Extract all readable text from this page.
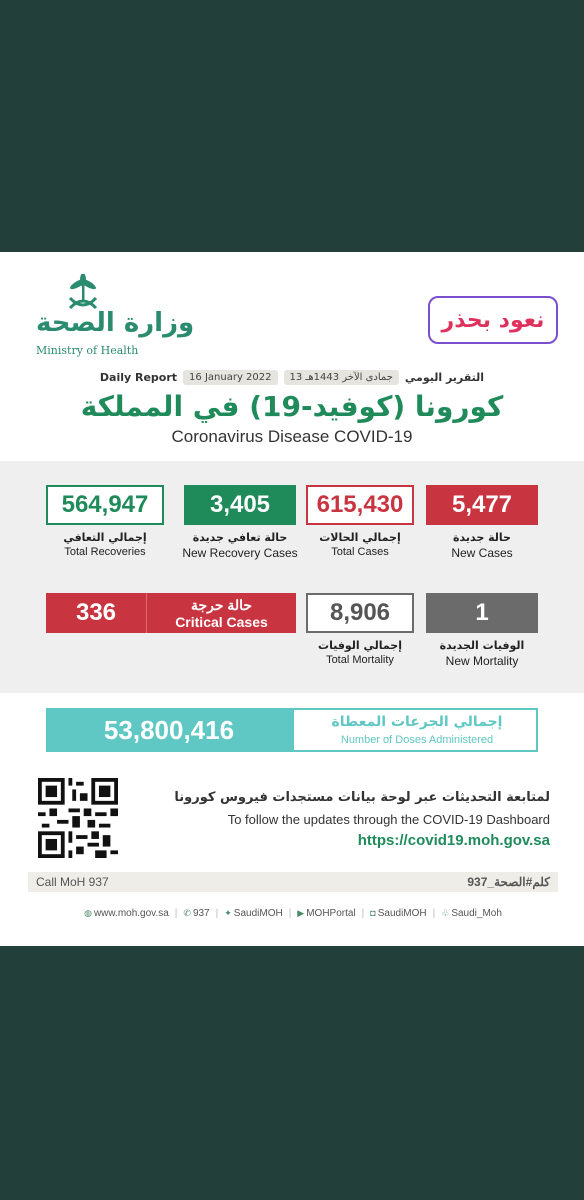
وزارة الصحة
Ministry of Health
نعود بحذر
Daily Report	16 January 2022	13 جمادى الآخر 1443هـ	التقرير اليومي
كورونا (كوفيد-19) في المملكة
Coronavirus Disease COVID-19
564,947	3,405	615,430	5,477
إجمالي التعافي
Total Recoveries
حالة تعافي جديدة
New Recovery Cases
إجمالي الحالات
Total Cases
حالة جديدة
New Cases
336	حالة حرجة
Critical Cases	8,906	1
إجمالي الوفيات
Total Mortality
الوفيات الجديدة
New Mortality
53,800,416	إجمالي الجرعات المعطاة
Number of Doses Administered
لمتابعة التحديثات عبر لوحة بيانات مستجدات فيروس كورونا
To follow the updates through the COVID-19 Dashboard
https://covid19.moh.gov.sa
Call MoH 937	كلم#الصحة_937
◍ www.moh.gov.sa | ✆ 937 | ✦ SaudiMOH | ▶ MOHPortal | ◘ SaudiMOH | ♧ Saudi_Moh
